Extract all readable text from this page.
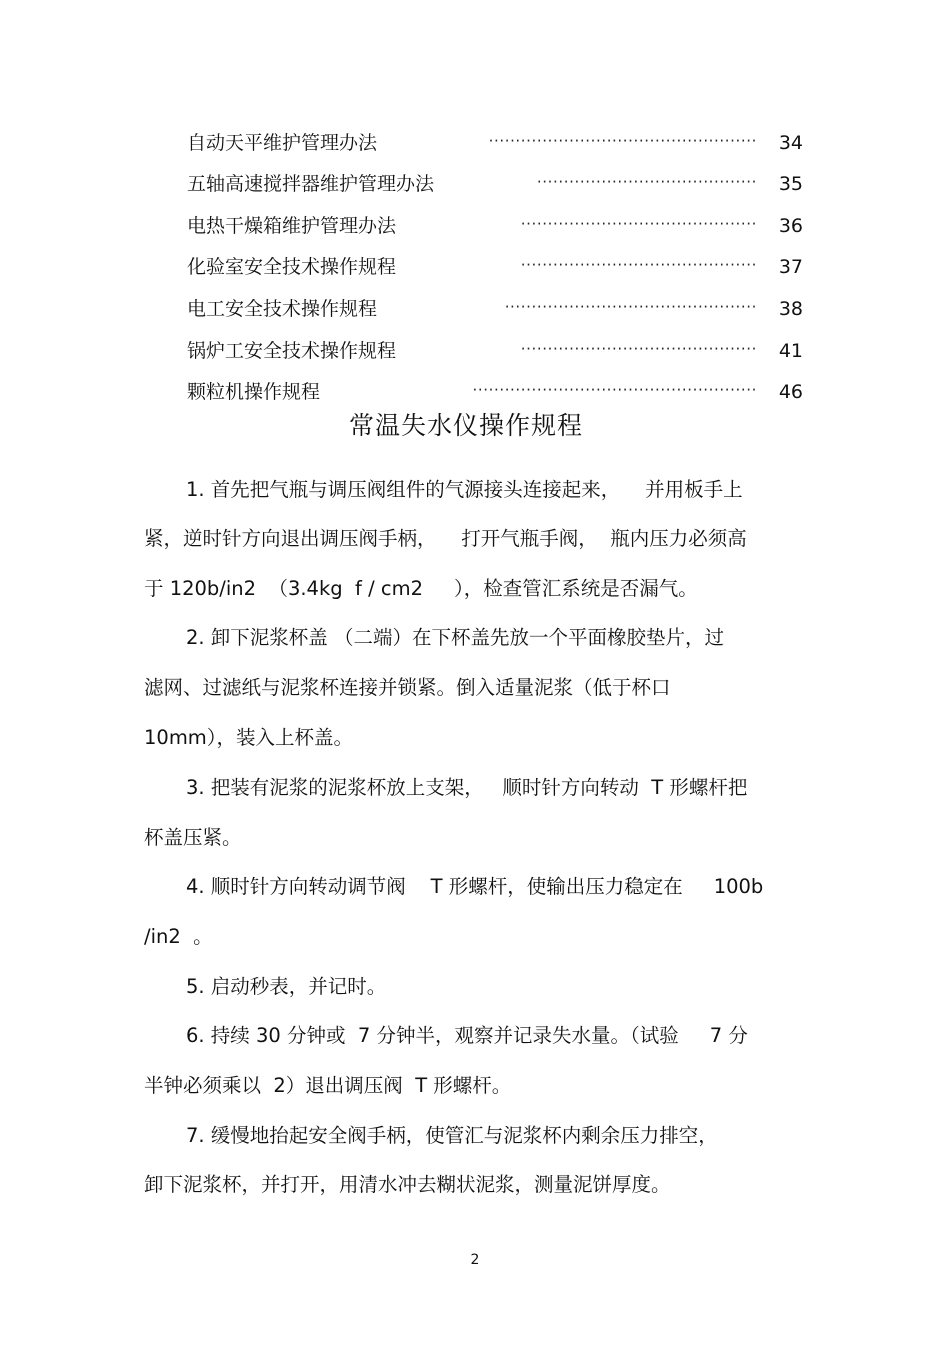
自动天平维护管理办法	·················································· 34
五轴高速搅拌器维护管理办法	········································· 35
电热干燥箱维护管理办法	············································ 36
化验室安全技术操作规程	············································ 37
电工安全技术操作规程	··············································· 38
锅炉工安全技术操作规程	············································ 41
颗粒机操作规程	····················································· 46
常温失水仪操作规程
1. 首先把气瓶与调压阀组件的气源接头连接起来，    并用板手上
紧，逆时针方向退出调压阀手柄，    打开气瓶手阀，  瓶内压力必须高
于 120b/in2  （3.4kg  f / cm2     ），检查管汇系统是否漏气。
2. 卸下泥浆杯盖 （二端）在下杯盖先放一个平面橡胶垫片，过
滤网、过滤纸与泥浆杯连接并锁紧。倒入适量泥浆（低于杯口
10mm），装入上杯盖。
3. 把装有泥浆的泥浆杯放上支架，   顺时针方向转动  T 形螺杆把
杯盖压紧。
4. 顺时针方向转动调节阀    T 形螺杆，使输出压力稳定在     100b
/in2  。
5. 启动秒表，并记时。
6. 持续 30 分钟或  7 分钟半，观察并记录失水量。（试验     7 分
半钟必须乘以  2）退出调压阀  T 形螺杆。
7. 缓慢地抬起安全阀手柄，使管汇与泥浆杯内剩余压力排空，
卸下泥浆杯，并打开，用清水冲去糊状泥浆，测量泥饼厚度。
2
